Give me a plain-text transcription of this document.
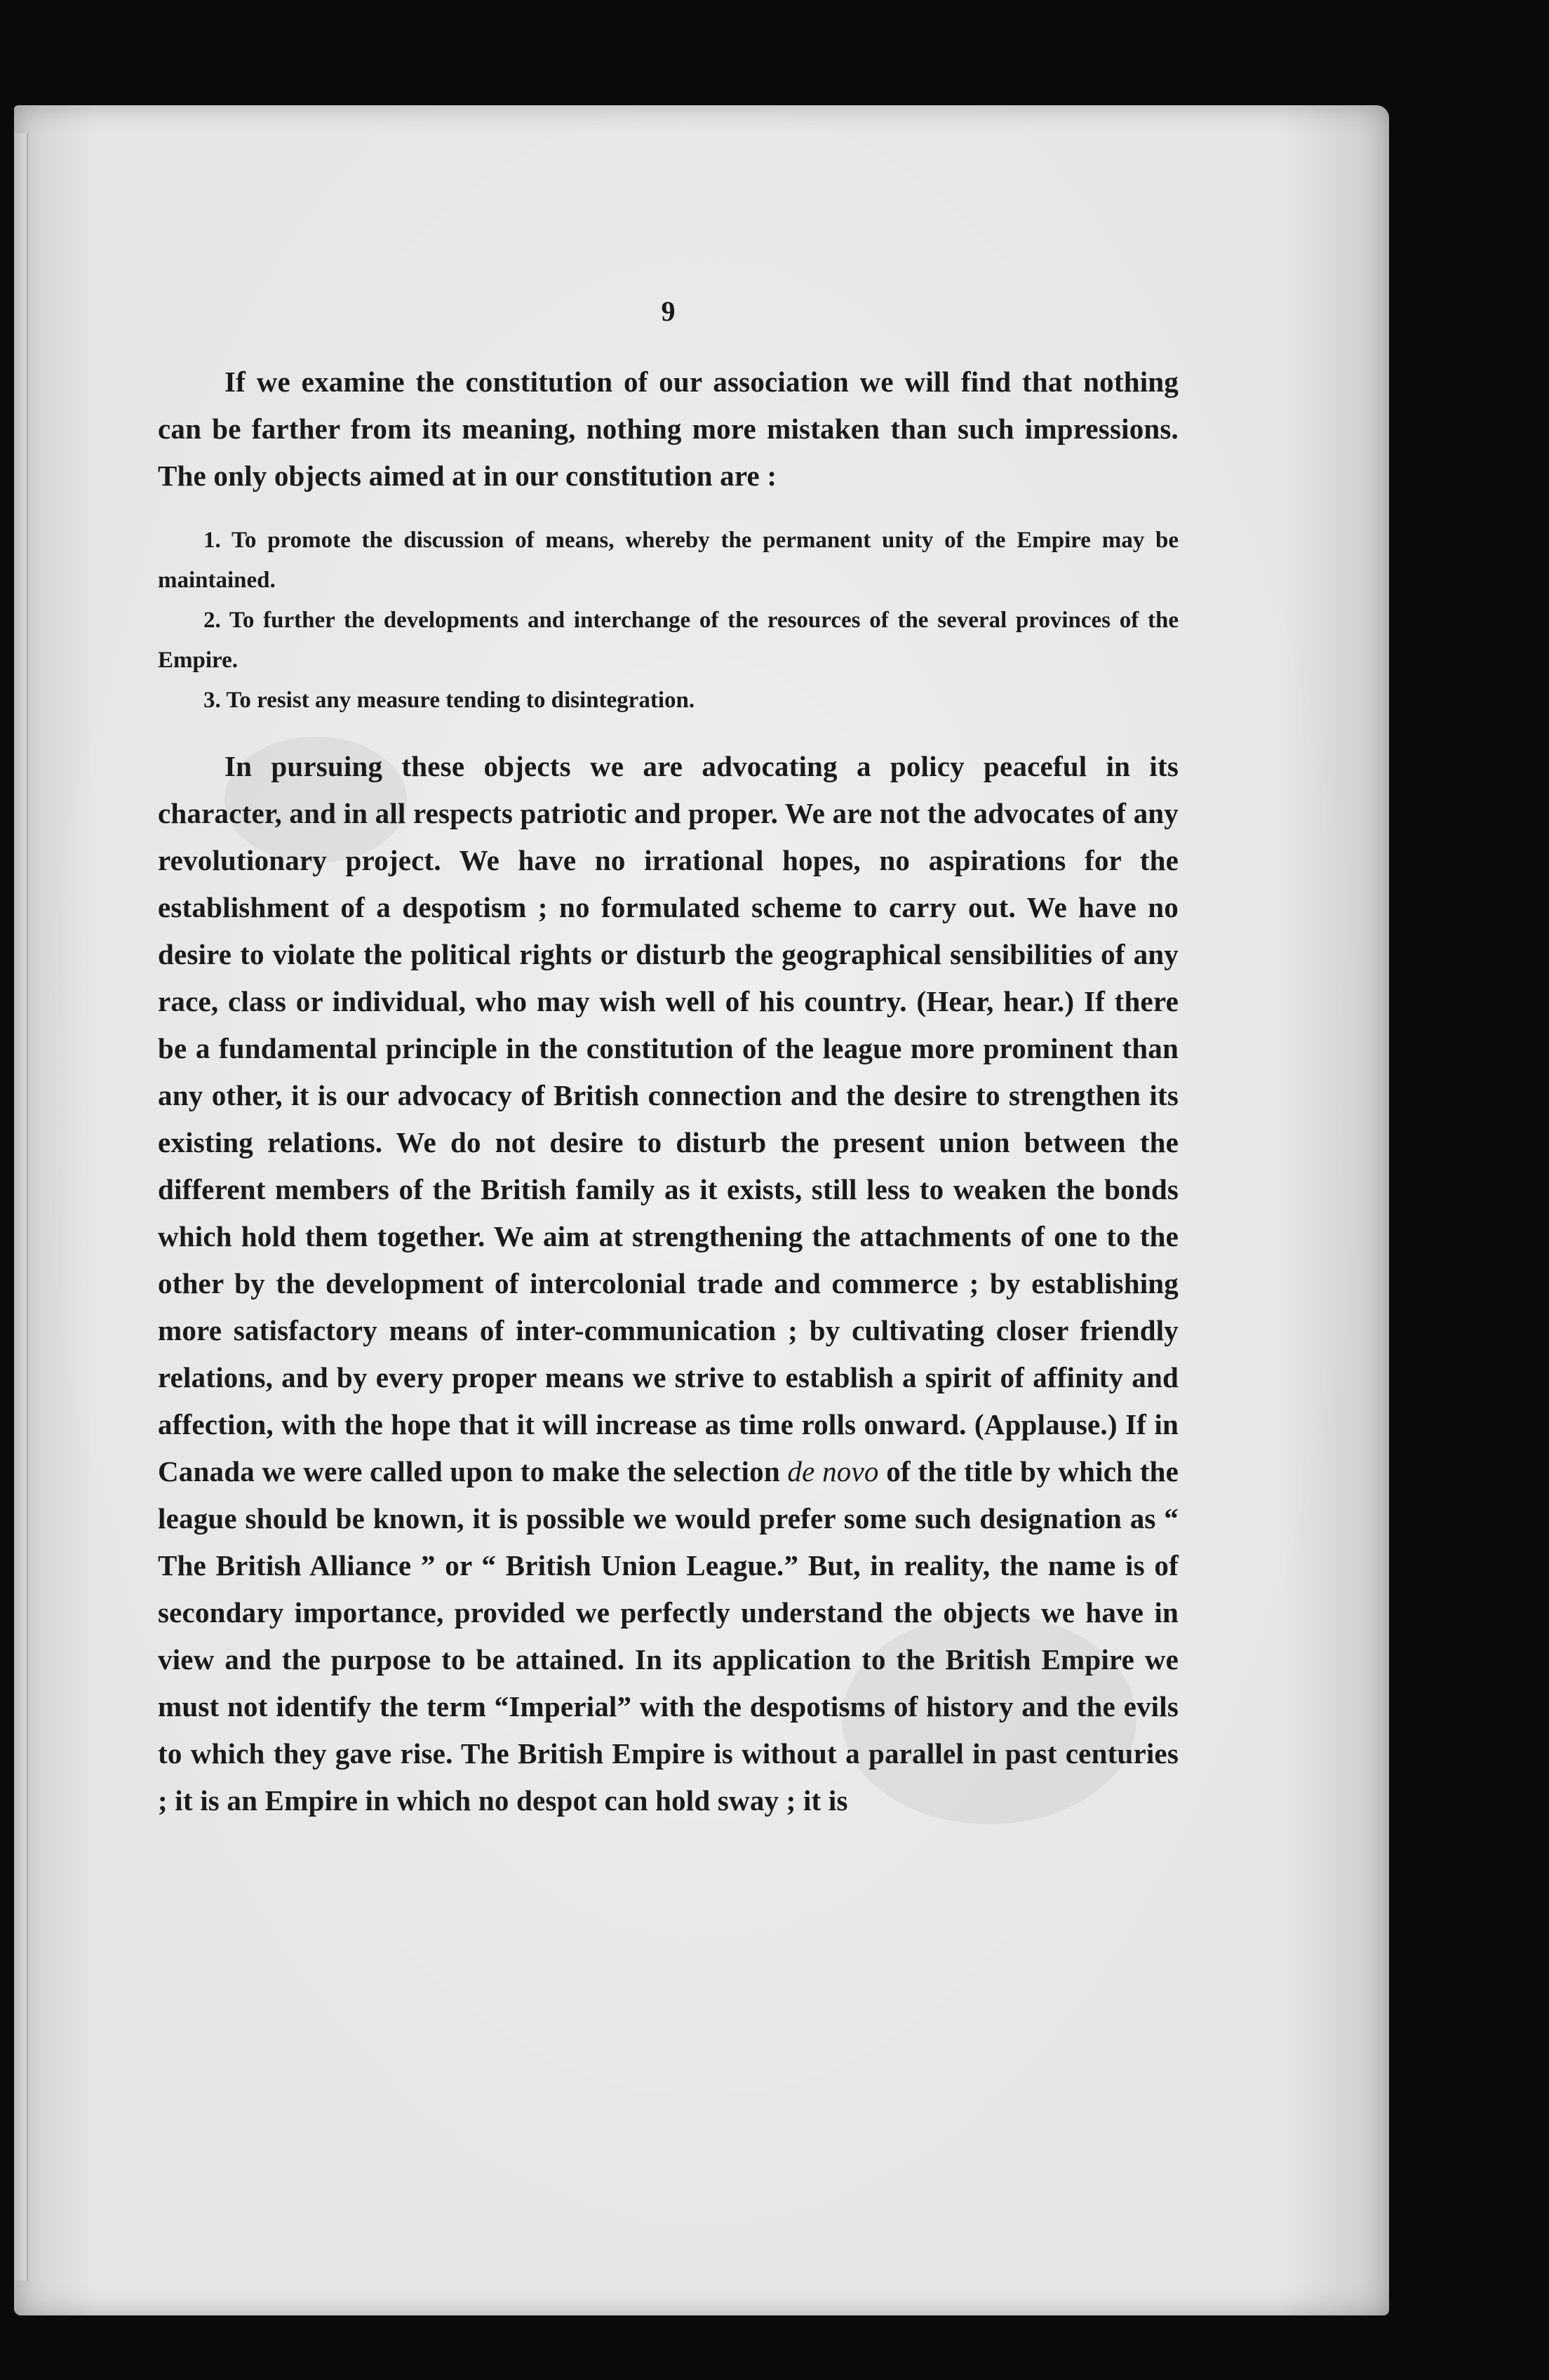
9

If we examine the constitution of our association we will find that nothing can be farther from its meaning, nothing more mistaken than such impressions. The only objects aimed at in our constitution are :

1. To promote the discussion of means, whereby the permanent unity of the Empire may be maintained.
2. To further the developments and interchange of the resources of the several provinces of the Empire.
3. To resist any measure tending to disintegration.

In pursuing these objects we are advocating a policy peaceful in its character, and in all respects patriotic and proper. We are not the advocates of any revolutionary project. We have no irrational hopes, no aspirations for the establishment of a despotism ; no formulated scheme to carry out. We have no desire to violate the political rights or disturb the geographical sensibilities of any race, class or individual, who may wish well of his country. (Hear, hear.) If there be a fundamental principle in the constitution of the league more prominent than any other, it is our advocacy of British connection and the desire to strengthen its existing relations. We do not desire to disturb the present union between the different members of the British family as it exists, still less to weaken the bonds which hold them together. We aim at strengthening the attachments of one to the other by the development of intercolonial trade and commerce ; by establishing more satisfactory means of inter-communication ; by cultivating closer friendly relations, and by every proper means we strive to establish a spirit of affinity and affection, with the hope that it will increase as time rolls onward. (Applause.) If in Canada we were called upon to make the selection de novo of the title by which the league should be known, it is possible we would prefer some such designation as “ The British Alliance ” or “ British Union League.” But, in reality, the name is of secondary importance, provided we perfectly understand the objects we have in view and the purpose to be attained. In its application to the British Empire we must not identify the term “Imperial” with the despotisms of history and the evils to which they gave rise. The British Empire is without a parallel in past centuries ; it is an Empire in which no despot can hold sway ; it is
